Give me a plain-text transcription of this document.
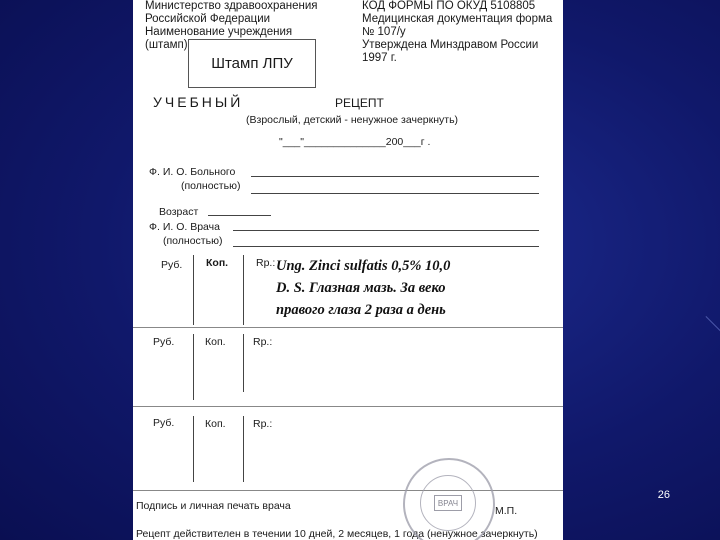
Министерство здравоохранения
Российской Федерации
Наименование учреждения
(штамп)
Штамп ЛПУ
КОД ФОРМЫ ПО ОКУД 5108805
Медицинская документация форма
№ 107/у
Утверждена Минздравом России
1997 г.
УЧЕБНЫЙ	РЕЦЕПТ
(Взрослый, детский - ненужное зачеркнуть)
"___"______________200___г .
Ф. И. О. Больного
(полностью)
Возраст
Ф. И. О. Врача
(полностью)
Руб. Коп.	Rp.: Ung. Zinci sulfatis 0,5% 10,0
D. S. Глазная мазь. За веко
правого глаза 2 раза а день
Руб.	Коп.	Rp.:
Руб.	Коп.	Rp.:
Подпись и личная печать врача	М.П.
Рецепт действителен в течении 10 дней, 2 месяцев, 1 года (ненужное зачеркнуть)
ВРАЧ
26
